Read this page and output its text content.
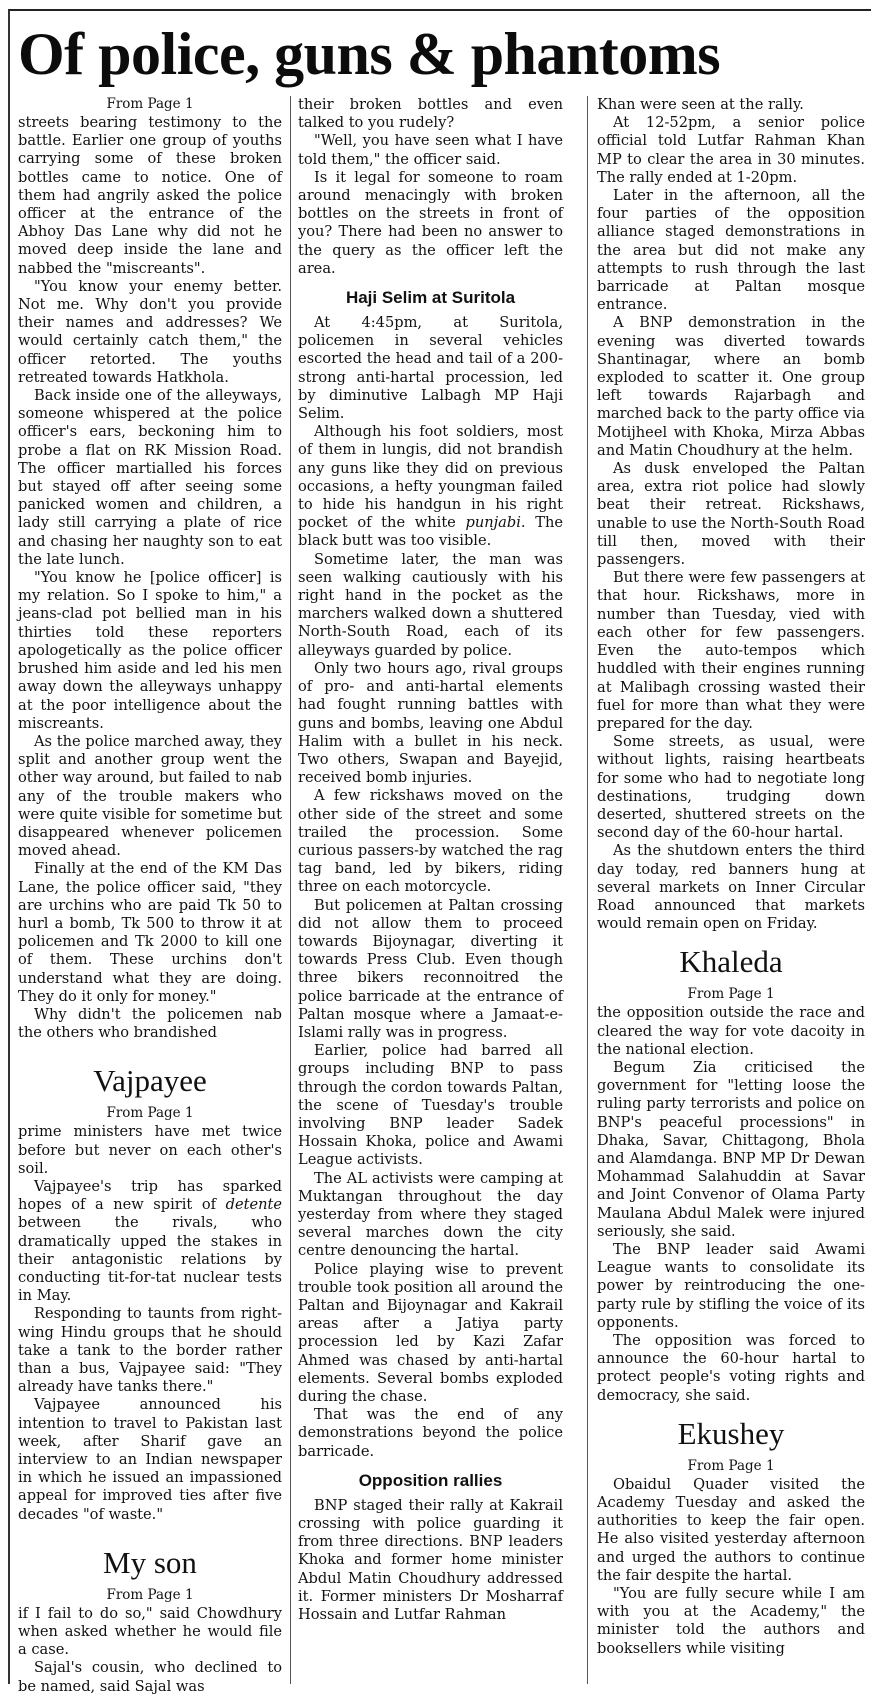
Of police, guns & phantoms
From Page 1

streets bearing testimony to the battle. Earlier one group of youths carrying some of these broken bottles came to notice. One of them had angrily asked the police officer at the entrance of the Abhoy Das Lane why did not he moved deep inside the lane and nabbed the "miscreants".

"You know your enemy better. Not me. Why don't you provide their names and addresses? We would certainly catch them," the officer retorted. The youths retreated towards Hatkhola.

Back inside one of the alleyways, someone whispered at the police officer's ears, beckoning him to probe a flat on RK Mission Road. The officer martialled his forces but stayed off after seeing some panicked women and children, a lady still carrying a plate of rice and chasing her naughty son to eat the late lunch.

"You know he [police officer] is my relation. So I spoke to him," a jeans-clad pot bellied man in his thirties told these reporters apologetically as the police officer brushed him aside and led his men away down the alleyways unhappy at the poor intelligence about the miscreants.

As the police marched away, they split and another group went the other way around, but failed to nab any of the trouble makers who were quite visible for sometime but disappeared whenever policemen moved ahead.

Finally at the end of the KM Das Lane, the police officer said, "they are urchins who are paid Tk 50 to hurl a bomb, Tk 500 to throw it at policemen and Tk 2000 to kill one of them. These urchins don't understand what they are doing. They do it only for money."

Why didn't the policemen nab the others who brandished

Vajpayee
From Page 1

prime ministers have met twice before but never on each other's soil.

Vajpayee's trip has sparked hopes of a new spirit of detente between the rivals, who dramatically upped the stakes in their antagonistic relations by conducting tit-for-tat nuclear tests in May.

Responding to taunts from right-wing Hindu groups that he should take a tank to the border rather than a bus, Vajpayee said: "They already have tanks there."

Vajpayee announced his intention to travel to Pakistan last week, after Sharif gave an interview to an Indian newspaper in which he issued an impassioned appeal for improved ties after five decades "of waste."

My son
From Page 1

if I fail to do so," said Chowdhury when asked whether he would file a case.

Sajal's cousin, who declined to be named, said Sajal was

their broken bottles and even talked to you rudely?

"Well, you have seen what I have told them," the officer said.

Is it legal for someone to roam around menacingly with broken bottles on the streets in front of you? There had been no answer to the query as the officer left the area.

Haji Selim at Suritola

At 4:45pm, at Suritola, policemen in several vehicles escorted the head and tail of a 200-strong anti-hartal procession, led by diminutive Lalbagh MP Haji Selim.

Although his foot soldiers, most of them in lungis, did not brandish any guns like they did on previous occasions, a hefty youngman failed to hide his handgun in his right pocket of the white punjabi. The black butt was too visible.

Sometime later, the man was seen walking cautiously with his right hand in the pocket as the marchers walked down a shuttered North-South Road, each of its alleyways guarded by police.

Only two hours ago, rival groups of pro- and anti-hartal elements had fought running battles with guns and bombs, leaving one Abdul Halim with a bullet in his neck. Two others, Swapan and Bayejid, received bomb injuries.

A few rickshaws moved on the other side of the street and some trailed the procession. Some curious passers-by watched the rag tag band, led by bikers, riding three on each motorcycle.

But policemen at Paltan crossing did not allow them to proceed towards Bijoynagar, diverting it towards Press Club. Even though three bikers reconnoitred the police barricade at the entrance of Paltan mosque where a Jamaat-e-Islami rally was in progress.

Earlier, police had barred all groups including BNP to pass through the cordon towards Paltan, the scene of Tuesday's trouble involving BNP leader Sadek Hossain Khoka, police and Awami League activists.

The AL activists were camping at Muktangan throughout the day yesterday from where they staged several marches down the city centre denouncing the hartal.

Police playing wise to prevent trouble took position all around the Paltan and Bijoynagar and Kakrail areas after a Jatiya party procession led by Kazi Zafar Ahmed was chased by anti-hartal elements. Several bombs exploded during the chase.

That was the end of any demonstrations beyond the police barricade.

Opposition rallies

BNP staged their rally at Kakrail crossing with police guarding it from three directions. BNP leaders Khoka and former home minister Abdul Matin Choudhury addressed it. Former ministers Dr Mosharraf Hossain and Lutfar Rahman

Khan were seen at the rally.

At 12-52pm, a senior police official told Lutfar Rahman Khan MP to clear the area in 30 minutes. The rally ended at 1-20pm.

Later in the afternoon, all the four parties of the opposition alliance staged demonstrations in the area but did not make any attempts to rush through the last barricade at Paltan mosque entrance.

A BNP demonstration in the evening was diverted towards Shantinagar, where an bomb exploded to scatter it. One group left towards Rajarbagh and marched back to the party office via Motijheel with Khoka, Mirza Abbas and Matin Choudhury at the helm.

As dusk enveloped the Paltan area, extra riot police had slowly beat their retreat. Rickshaws, unable to use the North-South Road till then, moved with their passengers.

But there were few passengers at that hour. Rickshaws, more in number than Tuesday, vied with each other for few passengers. Even the auto-tempos which huddled with their engines running at Malibagh crossing wasted their fuel for more than what they were prepared for the day.

Some streets, as usual, were without lights, raising heartbeats for some who had to negotiate long destinations, trudging down deserted, shuttered streets on the second day of the 60-hour hartal.

As the shutdown enters the third day today, red banners hung at several markets on Inner Circular Road announced that markets would remain open on Friday.

Khaleda
From Page 1

the opposition outside the race and cleared the way for vote dacoity in the national election.

Begum Zia criticised the government for "letting loose the ruling party terrorists and police on BNP's peaceful processions" in Dhaka, Savar, Chittagong, Bhola and Alamdanga. BNP MP Dr Dewan Mohammad Salahuddin at Savar and Joint Convenor of Olama Party Maulana Abdul Malek were injured seriously, she said.

The BNP leader said Awami League wants to consolidate its power by reintroducing the one-party rule by stifling the voice of its opponents.

The opposition was forced to announce the 60-hour hartal to protect people's voting rights and democracy, she said.

Ekushey
From Page 1

Obaidul Quader visited the Academy Tuesday and asked the authorities to keep the fair open. He also visited yesterday afternoon and urged the authors to continue the fair despite the hartal.

"You are fully secure while I am with you at the Academy," the minister told the authors and booksellers while visiting
